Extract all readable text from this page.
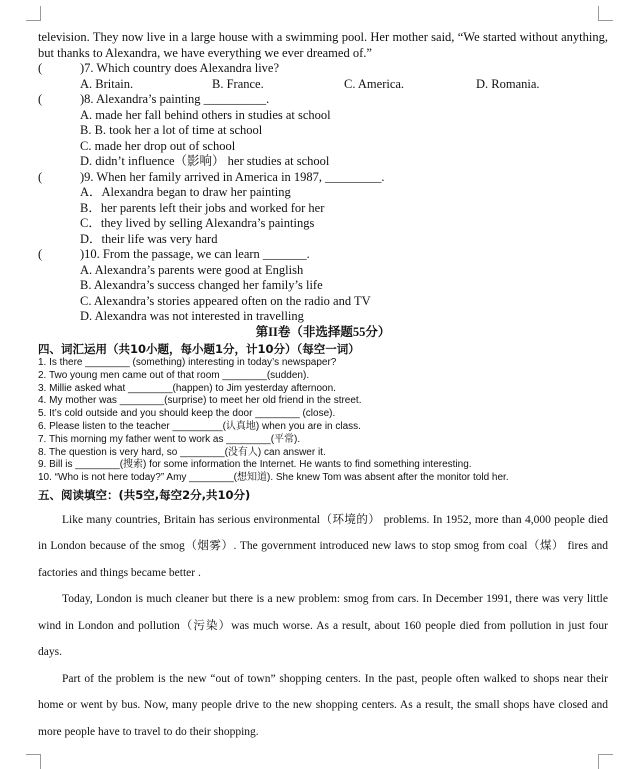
television. They now live in a large house with a swimming pool. Her mother said, “We started without anything, but thanks to Alexandra, we have everything we ever dreamed of.”

(	)7. Which country does Alexandra live?
A. Britain.	B. France.	C. America.	D. Romania.
(	)8. Alexandra’s painting __________.
A. made her fall behind others in studies at school
B. B. took her a lot of time at school
C. made her drop out of school
D. didn’t influence（影响） her studies at school
(	)9. When her family arrived in America in 1987, _________.
A．Alexandra began to draw her painting
B．her parents left their jobs and worked for her
C．they lived by selling Alexandra’s paintings
D．their life was very hard
(	)10. From the passage, we can learn _______.
A. Alexandra’s parents were good at English
B. Alexandra’s success changed her family’s life
C. Alexandra’s stories appeared often on the radio and TV
D. Alexandra was not interested in travelling
第II卷（非选择题55分）
四、词汇运用（共10小题，每小题1分，计10分）（每空一词）
1. Is there ________ (something) interesting in today’s newspaper?
2. Two young men came out of that room ________(sudden).
3. Millie asked what ________(happen) to Jim yesterday afternoon.
4. My mother was ________(surprise) to meet her old friend in the street.
5. It’s cold outside and you should keep the door ________ (close).
6. Please listen to the teacher _________(认真地) when you are in class.
7. This morning my father went to work as ________(平常).
8. The question is very hard, so ________(没有人) can answer it.
9. Bill is ________(搜索) for some information the Internet. He wants to find something interesting.
10. “Who is not here today?” Amy ________(想知道). She knew Tom was absent after the monitor told her.
五、阅读填空：(共5空,每空2分,共10分)

Like many countries, Britain has serious environmental（环境的） problems. In 1952, more than 4,000 people died in London because of the smog（烟雾）. The government introduced new laws to stop smog from coal（煤） fires and factories and things became better .

Today, London is much cleaner but there is a new problem: smog from cars. In December 1991, there was very little wind in London and pollution（污染）was much worse. As a result, about 160 people died from pollution in just four days.

Part of the problem is the new “out of town” shopping centers. In the past, people often walked to shops near their home or went by bus. Now, many people drive to the new shopping centers. As a result, the small shops have closed and more people have to travel to do their shopping.
